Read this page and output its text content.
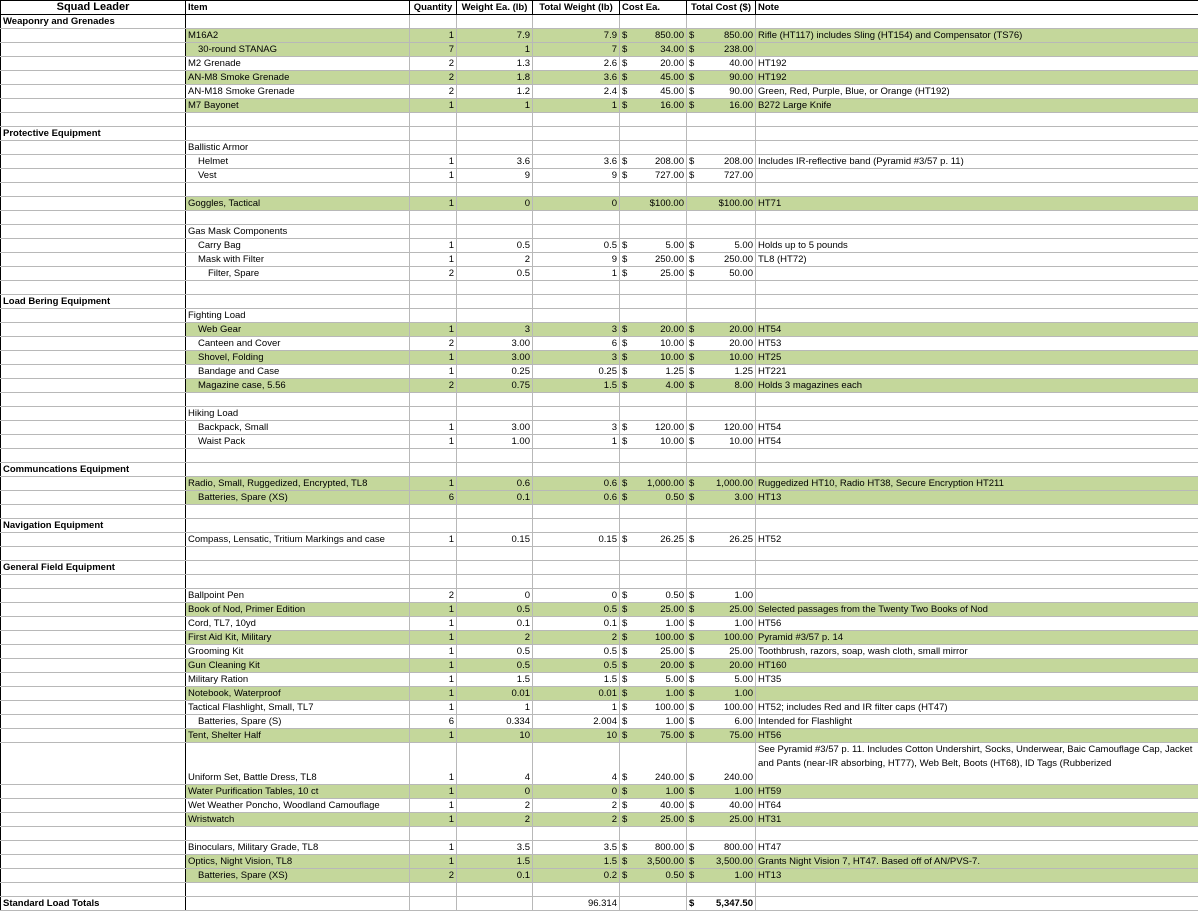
Squad Leader	Item	Quantity	Weight Ea. (lb)	Total Weight (lb)	Cost Ea.	Total Cost ($)	Note
Weaponry and Grenades							
	M16A2	1	7.9	7.9	$ 850.00	$ 850.00	Rifle (HT117) includes Sling (HT154) and Compensator (TS76)
	30-round STANAG	7	1	7	$ 34.00	$ 238.00	

	M2 Grenade	2	1.3	2.6	$ 20.00	$ 40.00	HT192
	AN-M8 Smoke Grenade	2	1.8	3.6	$ 45.00	$ 90.00	HT192
	AN-M18 Smoke Grenade	2	1.2	2.4	$ 45.00	$ 90.00	Green, Red, Purple, Blue, or Orange (HT192)
	M7 Bayonet	1	1	1	$ 16.00	$ 16.00	B272 Large Knife

Protective Equipment							
	Ballistic Armor						
	Helmet	1	3.6	3.6	$ 208.00	$ 208.00	Includes IR-reflective band (Pyramid #3/57 p. 11)
	Vest	1	9	9	$ 727.00	$ 727.00	

	Goggles, Tactical	1	0	0	$100.00	$100.00	HT71

	Gas Mask Components						
	Carry Bag	1	0.5	0.5	$ 5.00	$ 5.00	Holds up to 5 pounds
	Mask with Filter	1	2	9	$ 250.00	$ 250.00	TL8 (HT72)
	Filter, Spare	2	0.5	1	$ 25.00	$ 50.00	

Load Bering Equipment							
	Fighting Load						
	Web Gear	1	3	3	$ 20.00	$ 20.00	HT54
	Canteen and Cover	2	3.00	6	$ 10.00	$ 20.00	HT53
	Shovel, Folding	1	3.00	3	$ 10.00	$ 10.00	HT25
	Bandage and Case	1	0.25	0.25	$ 1.25	$ 1.25	HT221
	Magazine case, 5.56	2	0.75	1.5	$ 4.00	$ 8.00	Holds 3 magazines each

	Hiking Load						
	Backpack, Small	1	3.00	3	$ 120.00	$ 120.00	HT54
	Waist Pack	1	1.00	1	$ 10.00	$ 10.00	HT54

Communcations Equipment							
	Radio, Small, Ruggedized, Encrypted, TL8	1	0.6	0.6	$ 1,000.00	$ 1,000.00	Ruggedized HT10, Radio HT38, Secure Encryption HT211
	Batteries, Spare (XS)	6	0.1	0.6	$ 0.50	$ 3.00	HT13

Navigation Equipment							
	Compass, Lensatic, Tritium Markings and case	1	0.15	0.15	$ 26.25	$ 26.25	HT52

General Field Equipment							

	Ballpoint Pen	2	0	0	$ 0.50	$ 1.00	

	Book of Nod, Primer Edition	1	0.5	0.5	$ 25.00	$ 25.00	Selected passages from the Twenty Two Books of Nod
	Cord, TL7, 10yd	1	0.1	0.1	$ 1.00	$ 1.00	HT56
	First Aid Kit, Military	1	2	2	$ 100.00	$ 100.00	Pyramid #3/57 p. 14
	Grooming Kit	1	0.5	0.5	$ 25.00	$ 25.00	Toothbrush, razors, soap, wash cloth, small mirror
	Gun Cleaning Kit	1	0.5	0.5	$ 20.00	$ 20.00	HT160
	Military Ration	1	1.5	1.5	$ 5.00	$ 5.00	HT35
	Notebook, Waterproof	1	0.01	0.01	$ 1.00	$ 1.00	

	Tactical Flashlight, Small, TL7	1	1	1	$ 100.00	$ 100.00	HT52; includes Red and IR filter caps (HT47)
	Batteries, Spare (S)	6	0.334	2.004	$ 1.00	$ 6.00	Intended for Flashlight
	Tent, Shelter Half	1	10	10	$ 75.00	$ 75.00	HT56
	Uniform Set, Battle Dress, TL8	1	4	4	$ 240.00	$ 240.00	See Pyramid #3/57 p. 11. Includes Cotton Undershirt, Socks, Underwear, Baic Camouflage Cap, Jacket and Pants (near-IR absorbing, HT77), Web Belt, Boots (HT68), ID Tags (Rubberized
	Water Purification Tables, 10 ct	1	0	0	$ 1.00	$ 1.00	HT59
	Wet Weather Poncho, Woodland Camouflage	1	2	2	$ 40.00	$ 40.00	HT64
	Wristwatch	1	2	2	$ 25.00	$ 25.00	HT31

	Binoculars, Military Grade, TL8	1	3.5	3.5	$ 800.00	$ 800.00	HT47
	Optics, Night Vision, TL8	1	1.5	1.5	$ 3,500.00	$ 3,500.00	Grants Night Vision 7, HT47. Based off of AN/PVS-7.
	Batteries, Spare (XS)	2	0.1	0.2	$ 0.50	$ 1.00	HT13

Standard Load Totals				96.314		$ 5,347.50	
